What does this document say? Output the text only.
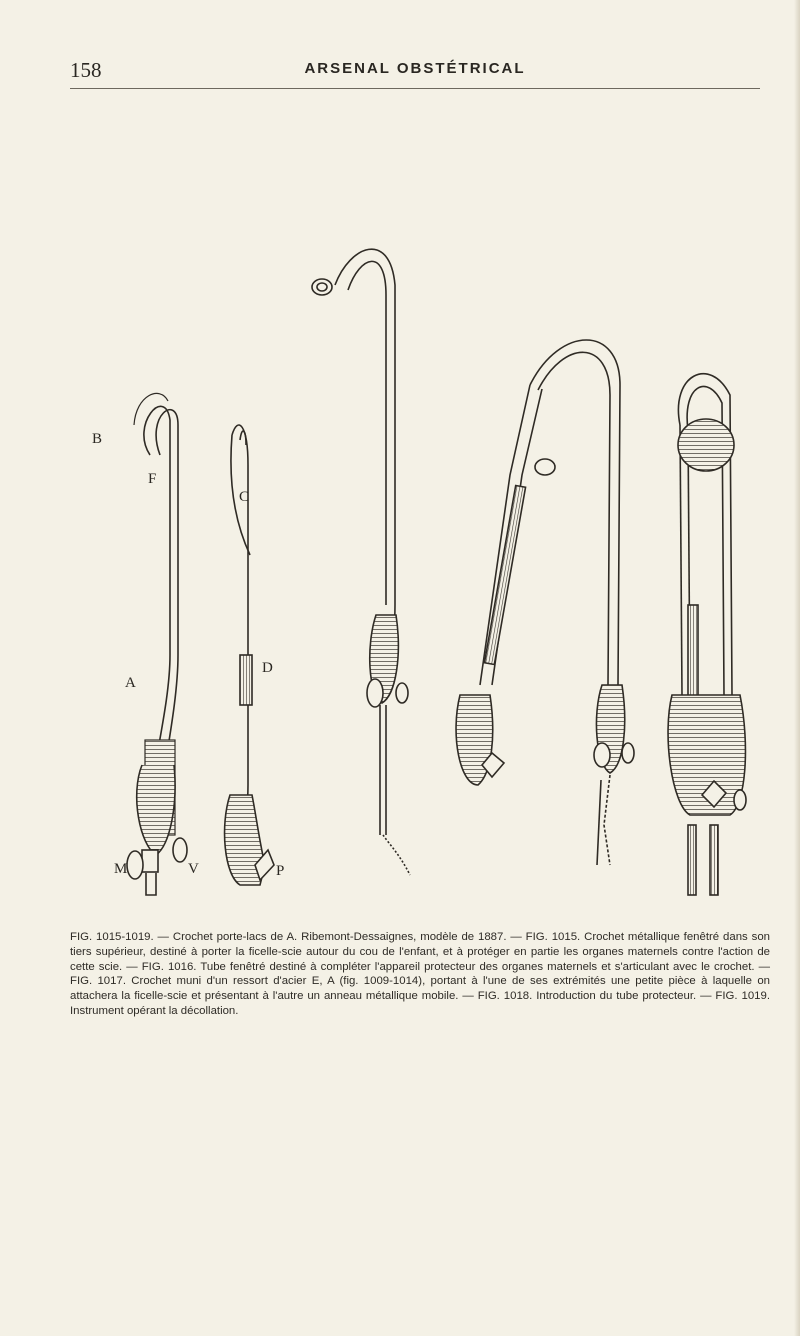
158	ARSENAL OBSTÉTRICAL
B
F
A
M	V
C
D
P
FIG. 1015-1019. — Crochet porte-lacs de A. Ribemont-Dessaignes, modèle de 1887. — FIG. 1015. Crochet métallique fenêtré dans son tiers supérieur, destiné à porter la ficelle-scie autour du cou de l'enfant, et à protéger en partie les organes maternels contre l'action de cette scie. — FIG. 1016. Tube fenêtré destiné à compléter l'appareil protecteur des organes maternels et s'articulant avec le crochet. — FIG. 1017. Crochet muni d'un ressort d'acier E, A (fig. 1009-1014), portant à l'une de ses extrémités une petite pièce à laquelle on attachera la ficelle-scie et présentant à l'autre un anneau métallique mobile. — FIG. 1018. Introduction du tube protecteur. — FIG. 1019. Instrument opérant la décollation.
